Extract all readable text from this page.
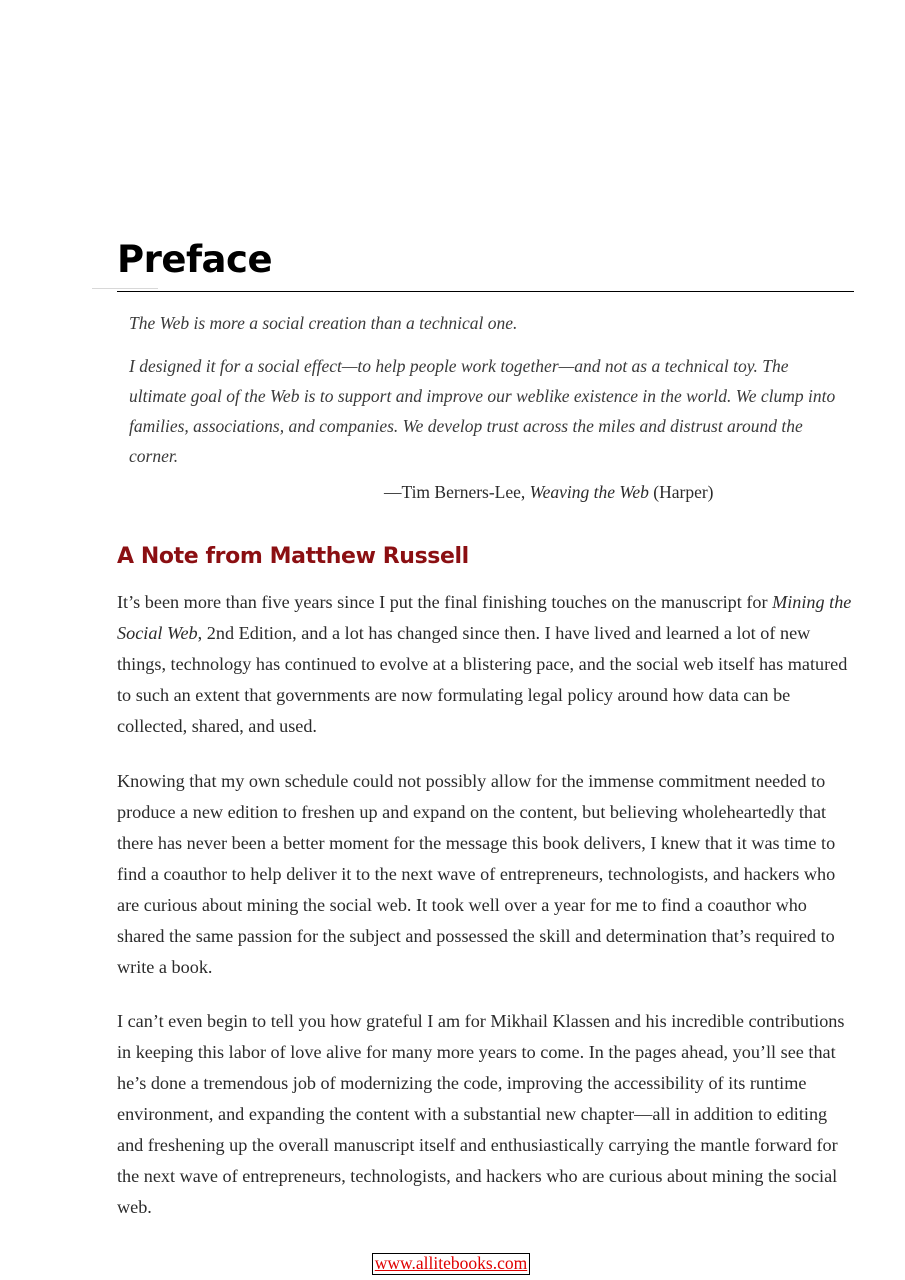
Preface

The Web is more a social creation than a technical one.

I designed it for a social effect—to help people work together—and not as a technical toy. The ultimate goal of the Web is to support and improve our weblike existence in the world. We clump into families, associations, and companies. We develop trust across the miles and distrust around the corner.

—Tim Berners-Lee, Weaving the Web (Harper)
A Note from Matthew Russell

It’s been more than five years since I put the final finishing touches on the manuscript for Mining the Social Web, 2nd Edition, and a lot has changed since then. I have lived and learned a lot of new things, technology has continued to evolve at a blistering pace, and the social web itself has matured to such an extent that governments are now formulating legal policy around how data can be collected, shared, and used.

Knowing that my own schedule could not possibly allow for the immense commitment needed to produce a new edition to freshen up and expand on the content, but believing wholeheartedly that there has never been a better moment for the message this book delivers, I knew that it was time to find a coauthor to help deliver it to the next wave of entrepreneurs, technologists, and hackers who are curious about mining the social web. It took well over a year for me to find a coauthor who shared the same passion for the subject and possessed the skill and determination that’s required to write a book.

I can’t even begin to tell you how grateful I am for Mikhail Klassen and his incredible contributions in keeping this labor of love alive for many more years to come. In the pages ahead, you’ll see that he’s done a tremendous job of modernizing the code, improving the accessibility of its runtime environment, and expanding the content with a substantial new chapter—all in addition to editing and freshening up the overall manuscript itself and enthusiastically carrying the mantle forward for the next wave of entrepreneurs, technologists, and hackers who are curious about mining the social web.

www.allitebooks.com
